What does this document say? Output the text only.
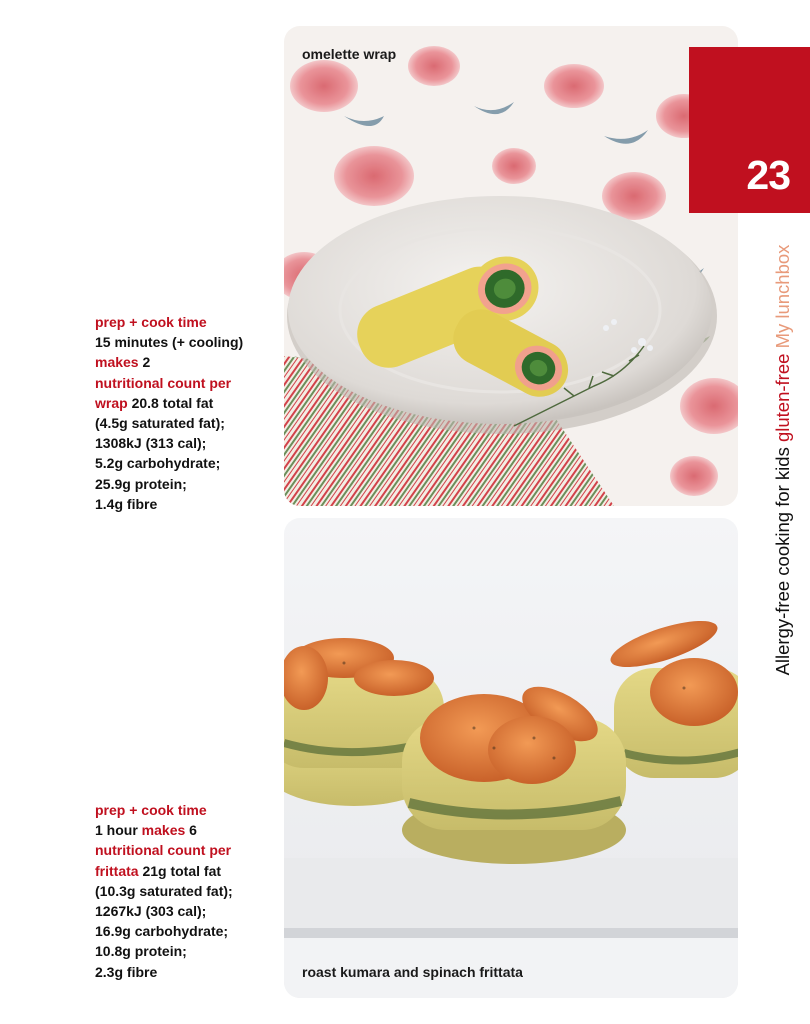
omelette wrap
roast kumara and spinach frittata
prep + cook time
15 minutes (+ cooling)
makes 2
nutritional count per
wrap 20.8 total fat
(4.5g saturated fat);
1308kJ (313 cal);
5.2g carbohydrate;
25.9g protein;
1.4g fibre
prep + cook time
1 hour makes 6
nutritional count per
frittata 21g total fat
(10.3g saturated fat);
1267kJ (303 cal);
16.9g carbohydrate;
10.8g protein;
2.3g fibre
23
Allergy-free cooking for kids gluten-free My lunchbox
